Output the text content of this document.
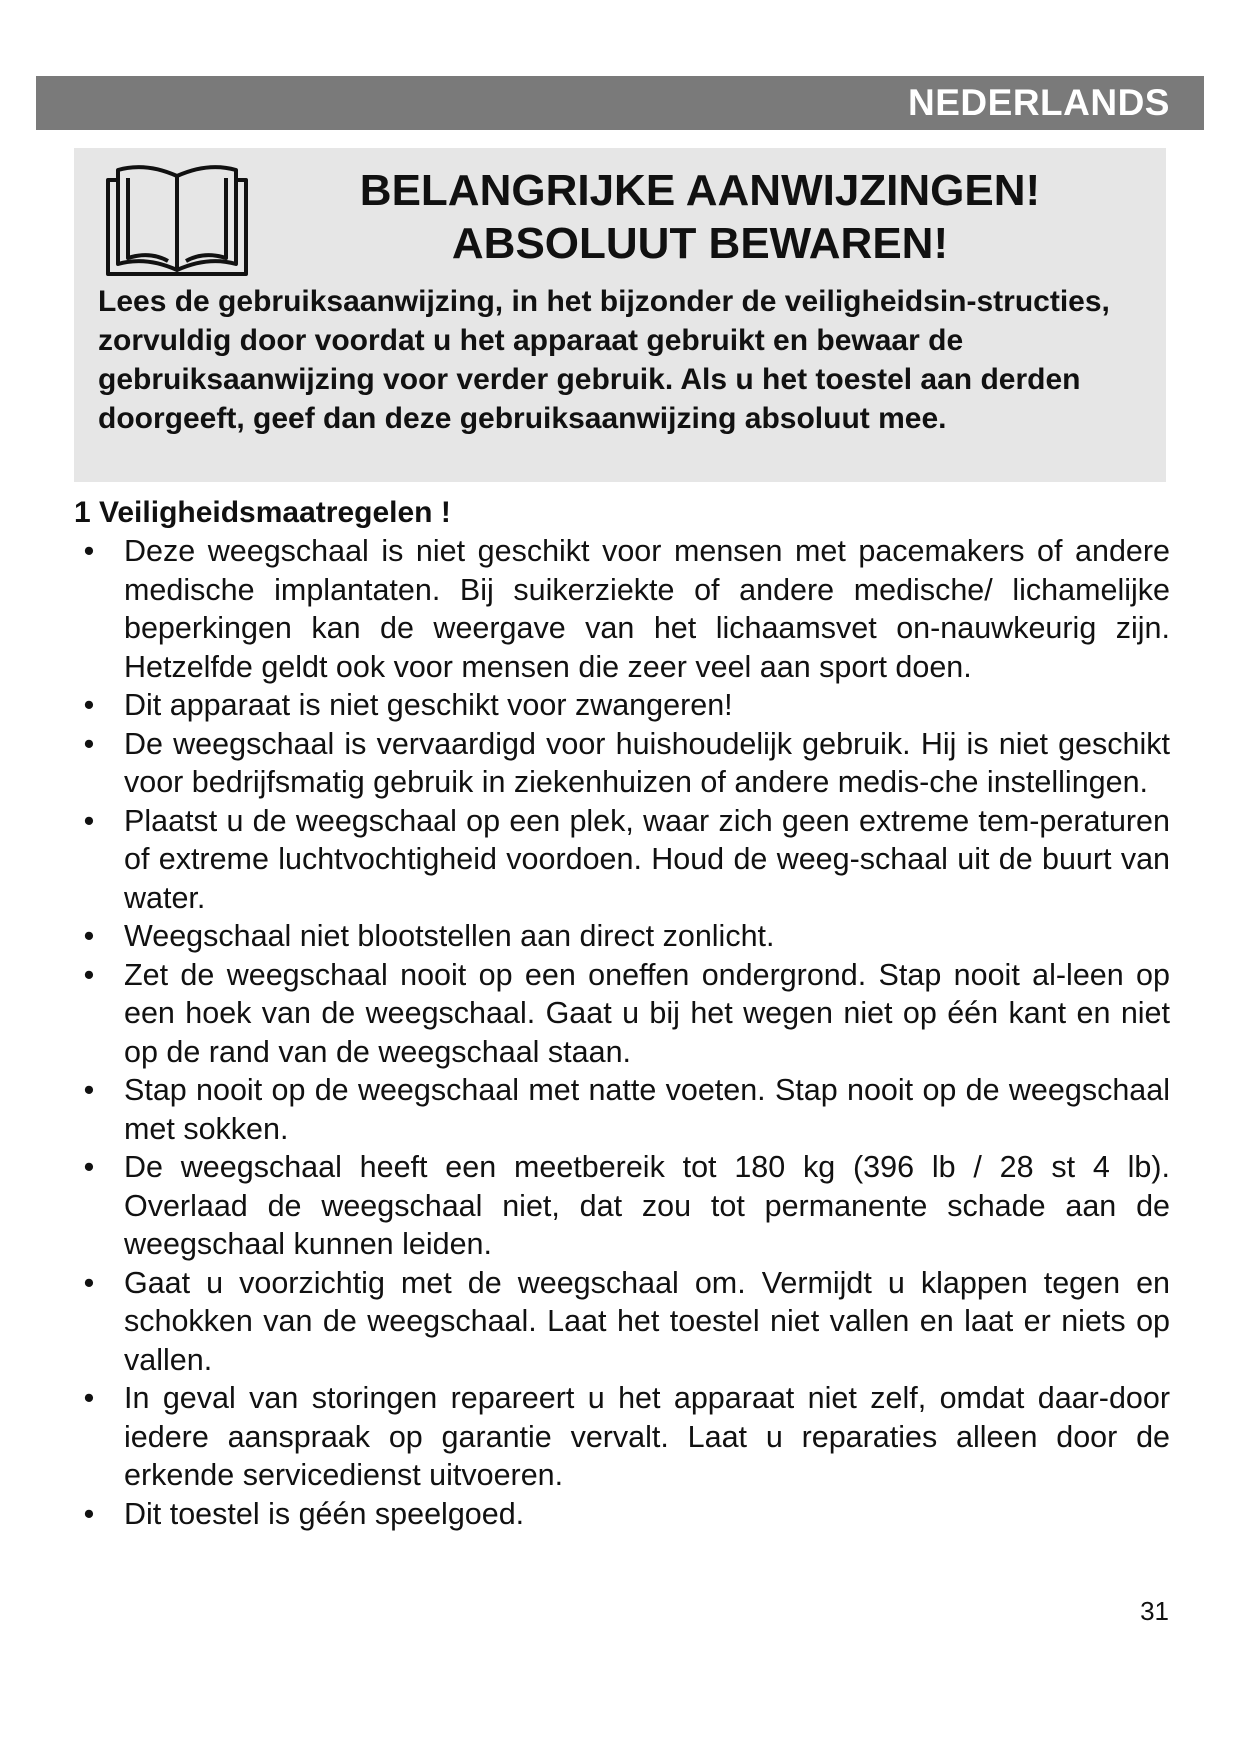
NEDERLANDS
BELANGRIJKE AANWIJZINGEN!
ABSOLUUT BEWAREN!
Lees de gebruiksaanwijzing, in het bijzonder de veiligheidsin-structies, zorvuldig door voordat u het apparaat gebruikt en bewaar de gebruiksaanwijzing voor verder gebruik. Als u het toestel aan derden doorgeeft, geef dan deze gebruiksaanwijzing absoluut mee.
1 Veiligheidsmaatregelen !
• Deze weegschaal is niet geschikt voor mensen met pacemakers of andere medische implantaten. Bij suikerziekte of andere medische/ lichamelijke beperkingen kan de weergave van het lichaamsvet on-nauwkeurig zijn. Hetzelfde geldt ook voor mensen die zeer veel aan sport doen.
• Dit apparaat is niet geschikt voor zwangeren!
• De weegschaal is vervaardigd voor huishoudelijk gebruik. Hij is niet geschikt voor bedrijfsmatig gebruik in ziekenhuizen of andere medis-che instellingen.
• Plaatst u de weegschaal op een plek, waar zich geen extreme tem-peraturen of extreme luchtvochtigheid voordoen. Houd de weeg-schaal uit de buurt van water.
• Weegschaal niet blootstellen aan direct zonlicht.
• Zet de weegschaal nooit op een oneffen ondergrond. Stap nooit al-leen op een hoek van de weegschaal. Gaat u bij het wegen niet op één kant en niet op de rand van de weegschaal staan.
• Stap nooit op de weegschaal met natte voeten. Stap nooit op de weegschaal met sokken.
• De weegschaal heeft een meetbereik tot 180 kg (396 lb / 28 st 4 lb). Overlaad de weegschaal niet, dat zou tot permanente schade aan de weegschaal kunnen leiden.
• Gaat u voorzichtig met de weegschaal om. Vermijdt u klappen tegen en schokken van de weegschaal. Laat het toestel niet vallen en laat er niets op vallen.
• In geval van storingen repareert u het apparaat niet zelf, omdat daar-door iedere aanspraak op garantie vervalt. Laat u reparaties alleen door de erkende servicedienst uitvoeren.
• Dit toestel is géén speelgoed.
31
